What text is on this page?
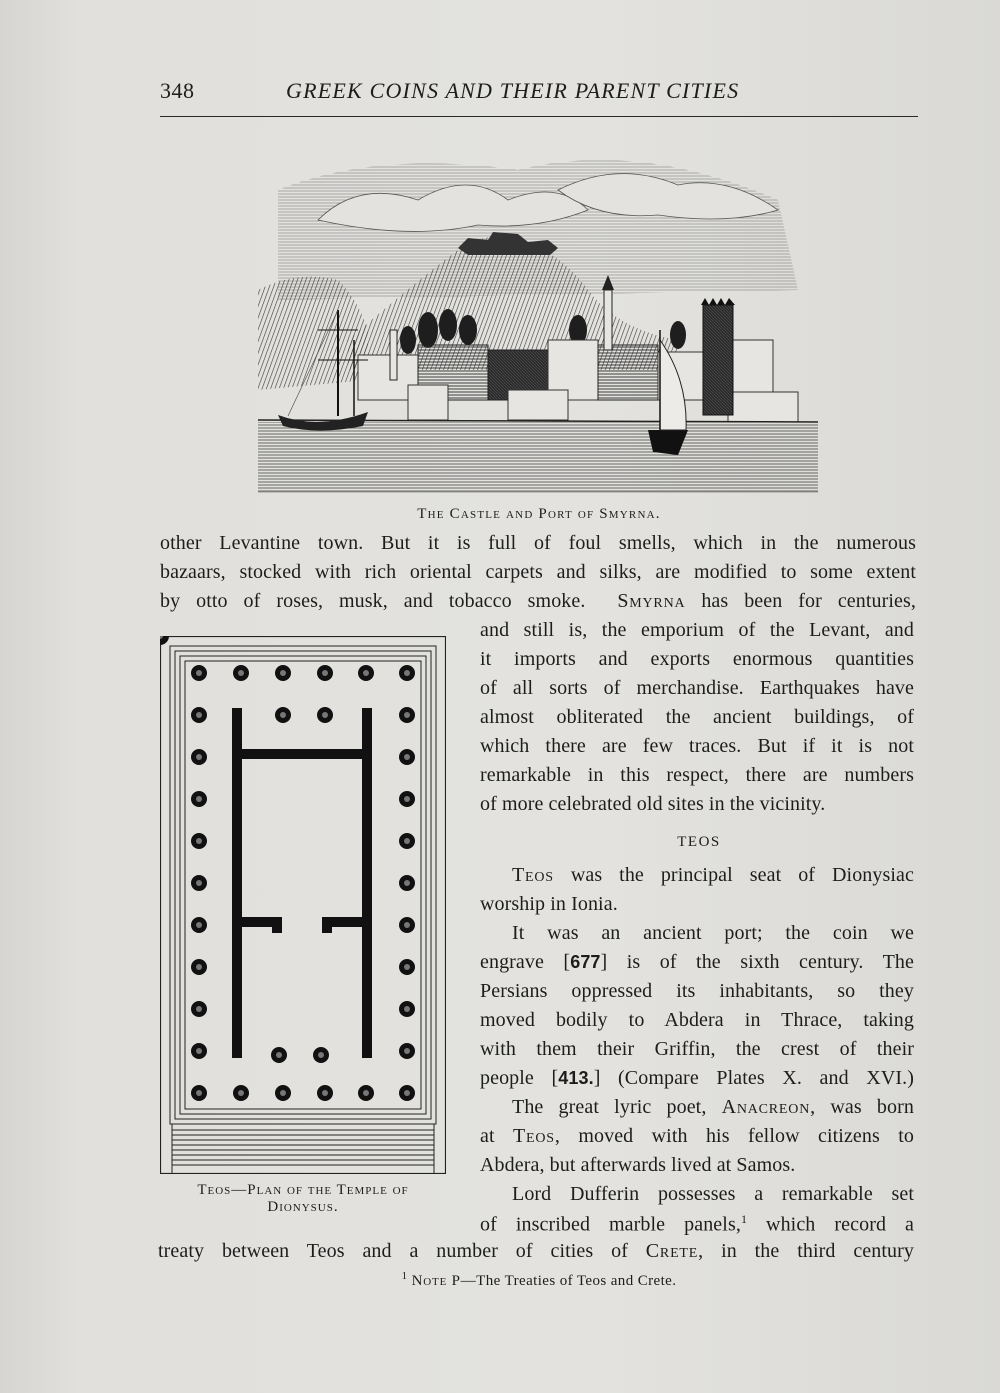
348	GREEK COINS AND THEIR PARENT CITIES
The Castle and Port of Smyrna.
other Levantine town. But it is full of foul smells, which in the numerous
bazaars, stocked with rich oriental carpets and silks, are modified to some extent
by otto of roses, musk, and tobacco smoke. Smyrna has been for centuries,
Teos—Plan of the Temple of
Dionysus.
and still is, the emporium of the Levant, and
it imports and exports enormous quantities
of all sorts of merchandise. Earthquakes have
almost obliterated the ancient buildings, of
which there are few traces. But if it is not
remarkable in this respect, there are numbers
of more celebrated old sites in the vicinity.
TEOS
Teos was the principal seat of Dionysiac
worship in Ionia.
It was an ancient port; the coin we
engrave [677] is of the sixth century. The
Persians oppressed its inhabitants, so they
moved bodily to Abdera in Thrace, taking
with them their Griffin, the crest of their
people [413.] (Compare Plates X. and XVI.)
The great lyric poet, Anacreon, was born
at Teos, moved with his fellow citizens to
Abdera, but afterwards lived at Samos.
Lord Dufferin possesses a remarkable set
of inscribed marble panels,$^1$ which record a
treaty between Teos and a number of cities of Crete, in the third century
$^1$ Note P—The Treaties of Teos and Crete.
